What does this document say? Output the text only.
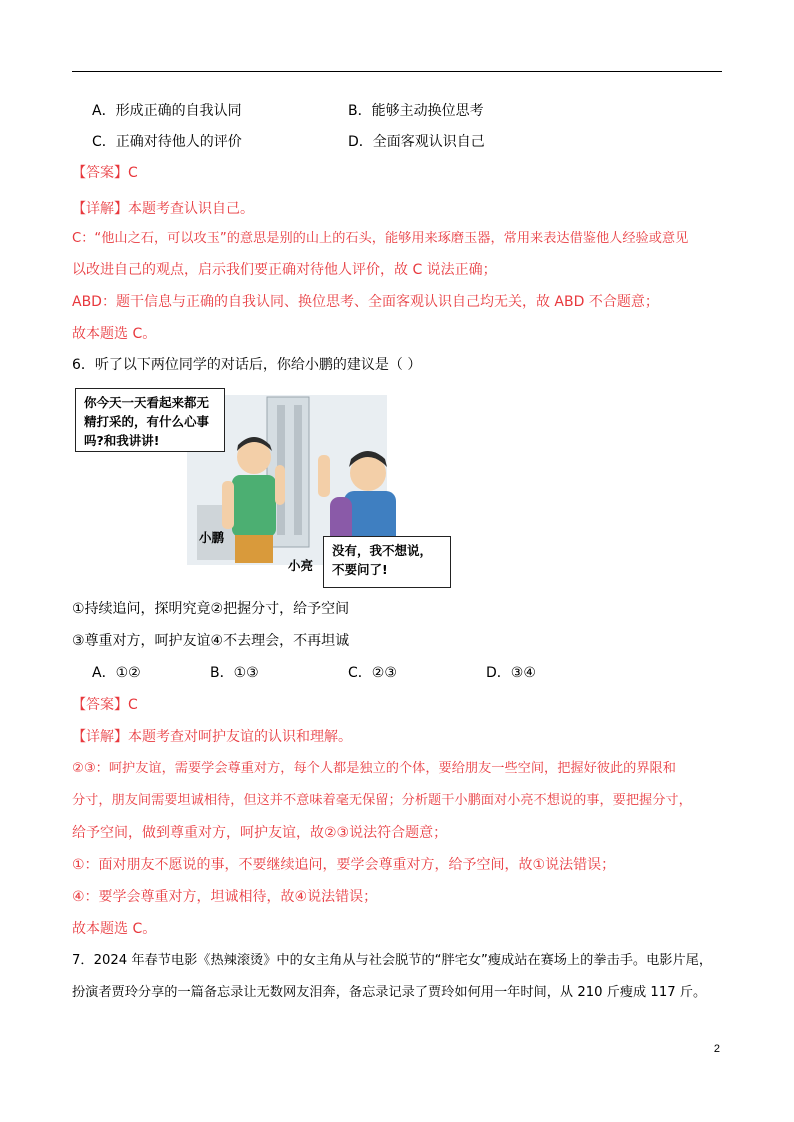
A．形成正确的自我认同	B．能够主动换位思考
C．正确对待他人的评价	D．全面客观认识自己
【答案】C
【详解】本题考查认识自己。
C：“他山之石，可以攻玉”的意思是别的山上的石头，能够用来琢磨玉器，常用来表达借鉴他人经验或意见
以改进自己的观点，启示我们要正确对待他人评价，故 C 说法正确；
ABD：题干信息与正确的自我认同、换位思考、全面客观认识自己均无关，故 ABD 不合题意；
故本题选 C。
6．听了以下两位同学的对话后，你给小鹏的建议是（ ）
你今天一天看起来都无
精打采的，有什么心事
吗?和我讲讲!
没有，我不想说，
不要问了!
小鹏
小亮
①持续追问，探明究竟②把握分寸，给予空间
③尊重对方，呵护友谊④不去理会，不再坦诚
A．①②	B．①③	C．②③	D．③④
【答案】C
【详解】本题考查对呵护友谊的认识和理解。
②③：呵护友谊，需要学会尊重对方，每个人都是独立的个体，要给朋友一些空间，把握好彼此的界限和
分寸，朋友间需要坦诚相待，但这并不意味着毫无保留；分析题干小鹏面对小亮不想说的事，要把握分寸，
给予空间，做到尊重对方，呵护友谊，故②③说法符合题意；
①：面对朋友不愿说的事，不要继续追问，要学会尊重对方，给予空间，故①说法错误；
④：要学会尊重对方，坦诚相待，故④说法错误；
故本题选 C。
7．2024 年春节电影《热辣滚烫》中的女主角从与社会脱节的“胖宅女”瘦成站在赛场上的拳击手。电影片尾，
扮演者贾玲分享的一篇备忘录让无数网友泪奔，备忘录记录了贾玲如何用一年时间，从 210 斤瘦成 117 斤。
2
